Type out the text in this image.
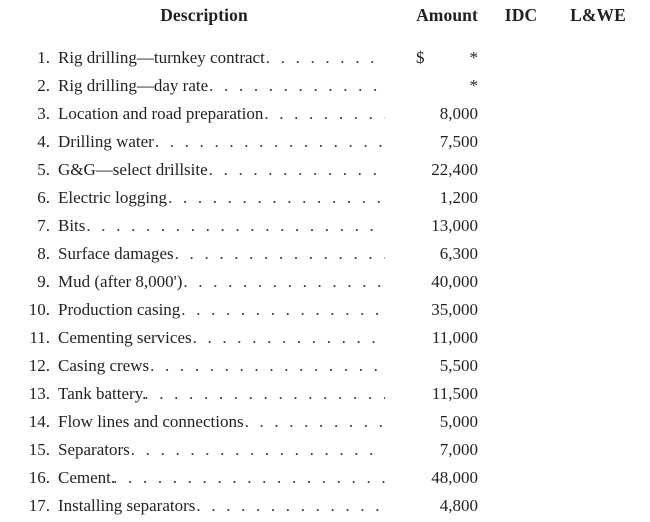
Description	Amount IDC	L&WE
1. Rig drilling—turnkey contract . . .	$	*
2. Rig drilling—day rate . . .	*
3. Location and road preparation . . .	8,000
4. Drilling water . . .	7,500
5. G&G—select drillsite . . .	22,400
6. Electric logging . . .	1,200
7. Bits . . .	13,000
8. Surface damages . . .	6,300
9. Mud (after 8,000') . . .	40,000
10. Production casing . . .	35,000
11. Cementing services . . .	11,000
12. Casing crews . . .	5,500
13. Tank battery. . . .	11,500
14. Flow lines and connections . . .	5,000
15. Separators . . .	7,000
16. Cement. . . .	48,000
17. Installing separators . . .	4,800
